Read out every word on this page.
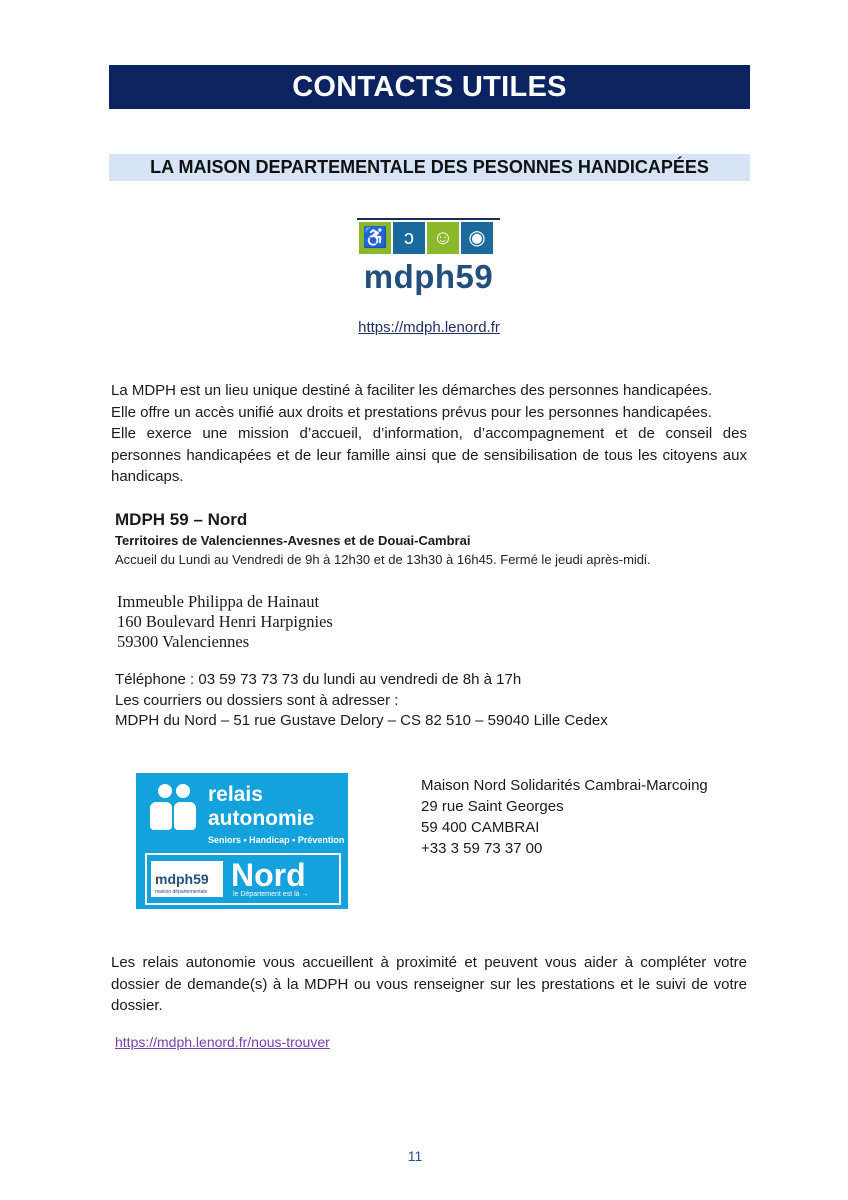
CONTACTS UTILES
LA MAISON DEPARTEMENTALE DES PESONNES HANDICAPÉES
♿ ↄ ☺ ◉
mdph59
https://mdph.lenord.fr
La MDPH est un lieu unique destiné à faciliter les démarches des personnes handicapées.
Elle offre un accès unifié aux droits et prestations prévus pour les personnes handicapées.
Elle exerce une mission d’accueil, d’information, d’accompagnement et de conseil des personnes handicapées et de leur famille ainsi que de sensibilisation de tous les citoyens aux handicaps.
MDPH 59 – Nord
Territoires de Valenciennes-Avesnes et de Douai-Cambrai
Accueil du Lundi au Vendredi de 9h à 12h30 et de 13h30 à 16h45. Fermé le jeudi après-midi.
Immeuble Philippa de Hainaut
160 Boulevard Henri Harpignies
59300 Valenciennes
Téléphone : 03 59 73 73 73 du lundi au vendredi de 8h à 17h
Les courriers ou dossiers sont à adresser :
MDPH du Nord – 51 rue Gustave Delory – CS 82 510 – 59040 Lille Cedex
relais
autonomie
Seniors • Handicap • Prévention
mdph59
maison départementale Nord
le Département est là →
Maison Nord Solidarités Cambrai-Marcoing
29 rue Saint Georges
59 400 CAMBRAI
+33 3 59 73 37 00
Les relais autonomie vous accueillent à proximité et peuvent vous aider à compléter votre dossier de demande(s) à la MDPH ou vous renseigner sur les prestations et le suivi de votre dossier.
https://mdph.lenord.fr/nous-trouver
11
